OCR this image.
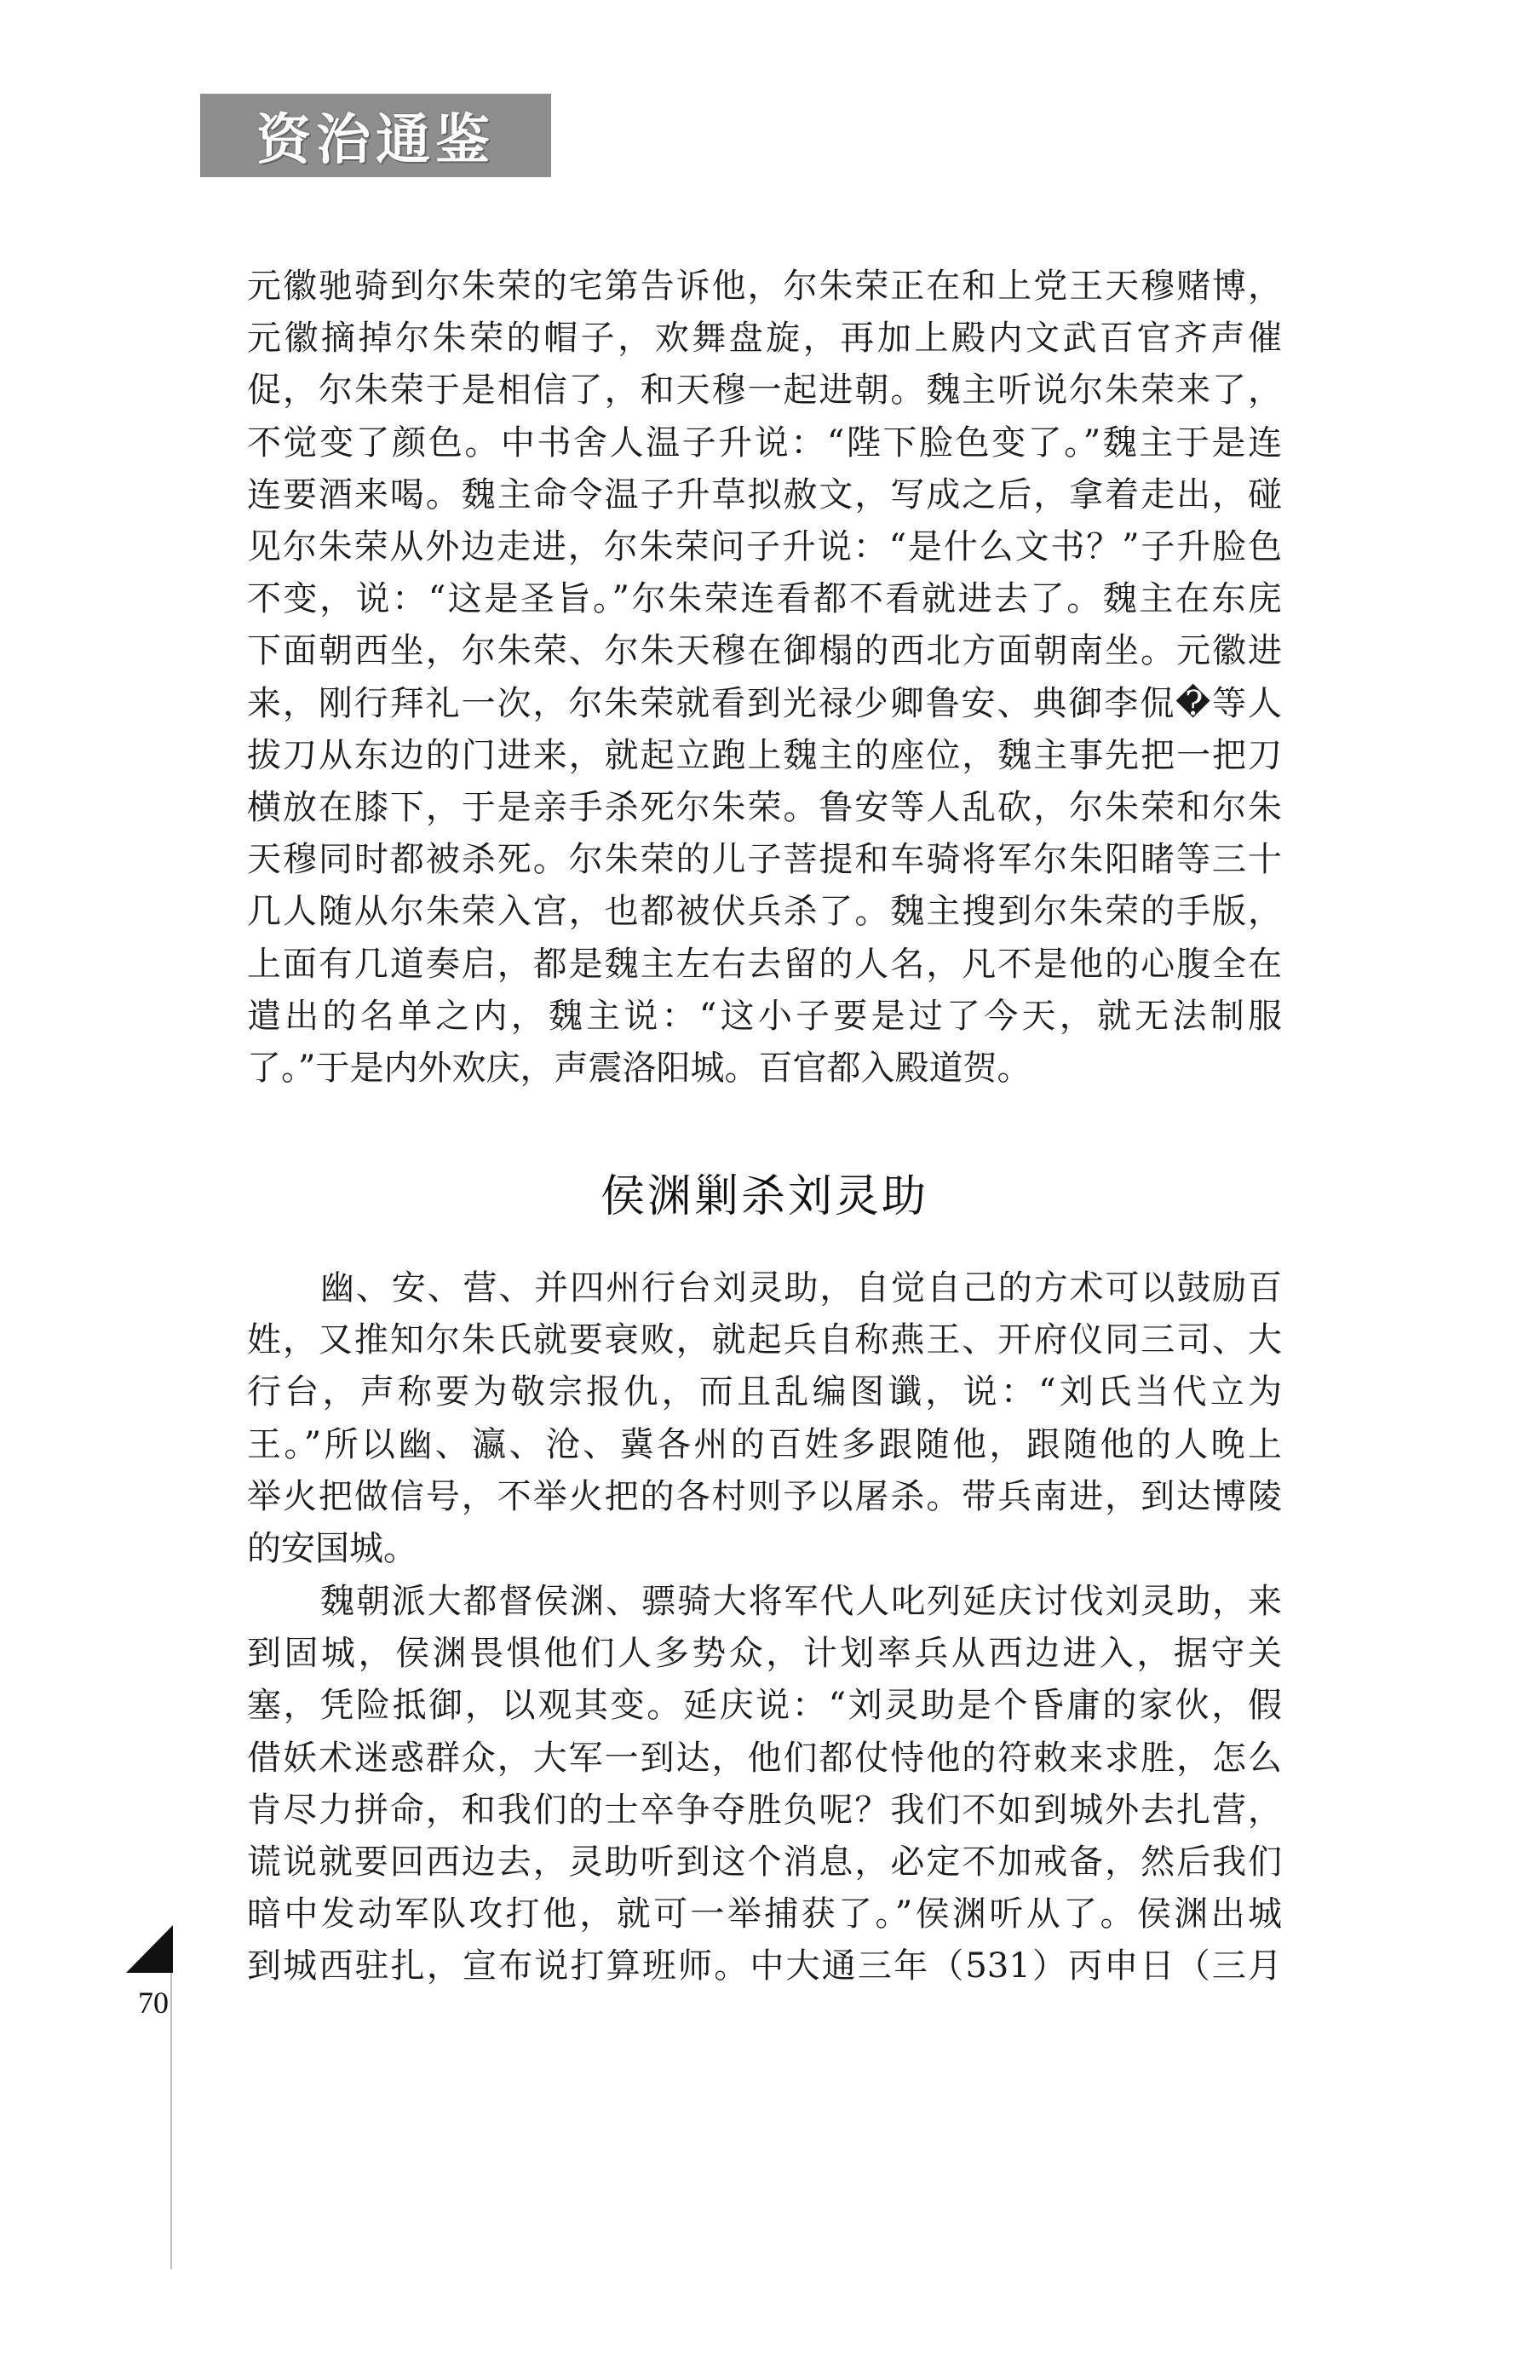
资治通鉴

元徽驰骑到尔朱荣的宅第告诉他，尔朱荣正在和上党王天穆赌博，

元徽摘掉尔朱荣的帽子，欢舞盘旋，再加上殿内文武百官齐声催

促，尔朱荣于是相信了，和天穆一起进朝。魏主听说尔朱荣来了，

不觉变了颜色。中书舍人温子升说：“陛下脸色变了。”魏主于是连

连要酒来喝。魏主命令温子升草拟赦文，写成之后，拿着走出，碰

见尔朱荣从外边走进，尔朱荣问子升说：“是什么文书？”子升脸色

不变，说：“这是圣旨。”尔朱荣连看都不看就进去了。魏主在东庑

下面朝西坐，尔朱荣、尔朱天穆在御榻的西北方面朝南坐。元徽进

来，刚行拜礼一次，尔朱荣就看到光禄少卿鲁安、典御李侃�等人

拔刀从东边的门进来，就起立跑上魏主的座位，魏主事先把一把刀

横放在膝下，于是亲手杀死尔朱荣。鲁安等人乱砍，尔朱荣和尔朱

天穆同时都被杀死。尔朱荣的儿子菩提和车骑将军尔朱阳睹等三十

几人随从尔朱荣入宫，也都被伏兵杀了。魏主搜到尔朱荣的手版，

上面有几道奏启，都是魏主左右去留的人名，凡不是他的心腹全在

遣出的名单之内，魏主说：“这小子要是过了今天，就无法制服

了。”于是内外欢庆，声震洛阳城。百官都入殿道贺。

侯渊剿杀刘灵助

幽、安、营、并四州行台刘灵助，自觉自己的方术可以鼓励百

姓，又推知尔朱氏就要衰败，就起兵自称燕王、开府仪同三司、大

行台，声称要为敬宗报仇，而且乱编图谶，说：“刘氏当代立为

王。”所以幽、瀛、沧、冀各州的百姓多跟随他，跟随他的人晚上

举火把做信号，不举火把的各村则予以屠杀。带兵南进，到达博陵

的安国城。

魏朝派大都督侯渊、骠骑大将军代人叱列延庆讨伐刘灵助，来

到固城，侯渊畏惧他们人多势众，计划率兵从西边进入，据守关

塞，凭险抵御，以观其变。延庆说：“刘灵助是个昏庸的家伙，假

借妖术迷惑群众，大军一到达，他们都仗恃他的符敕来求胜，怎么

肯尽力拼命，和我们的士卒争夺胜负呢？我们不如到城外去扎营，

谎说就要回西边去，灵助听到这个消息，必定不加戒备，然后我们

暗中发动军队攻打他，就可一举捕获了。”侯渊听从了。侯渊出城

到城西驻扎，宣布说打算班师。中大通三年（531）丙申日（三月

70
